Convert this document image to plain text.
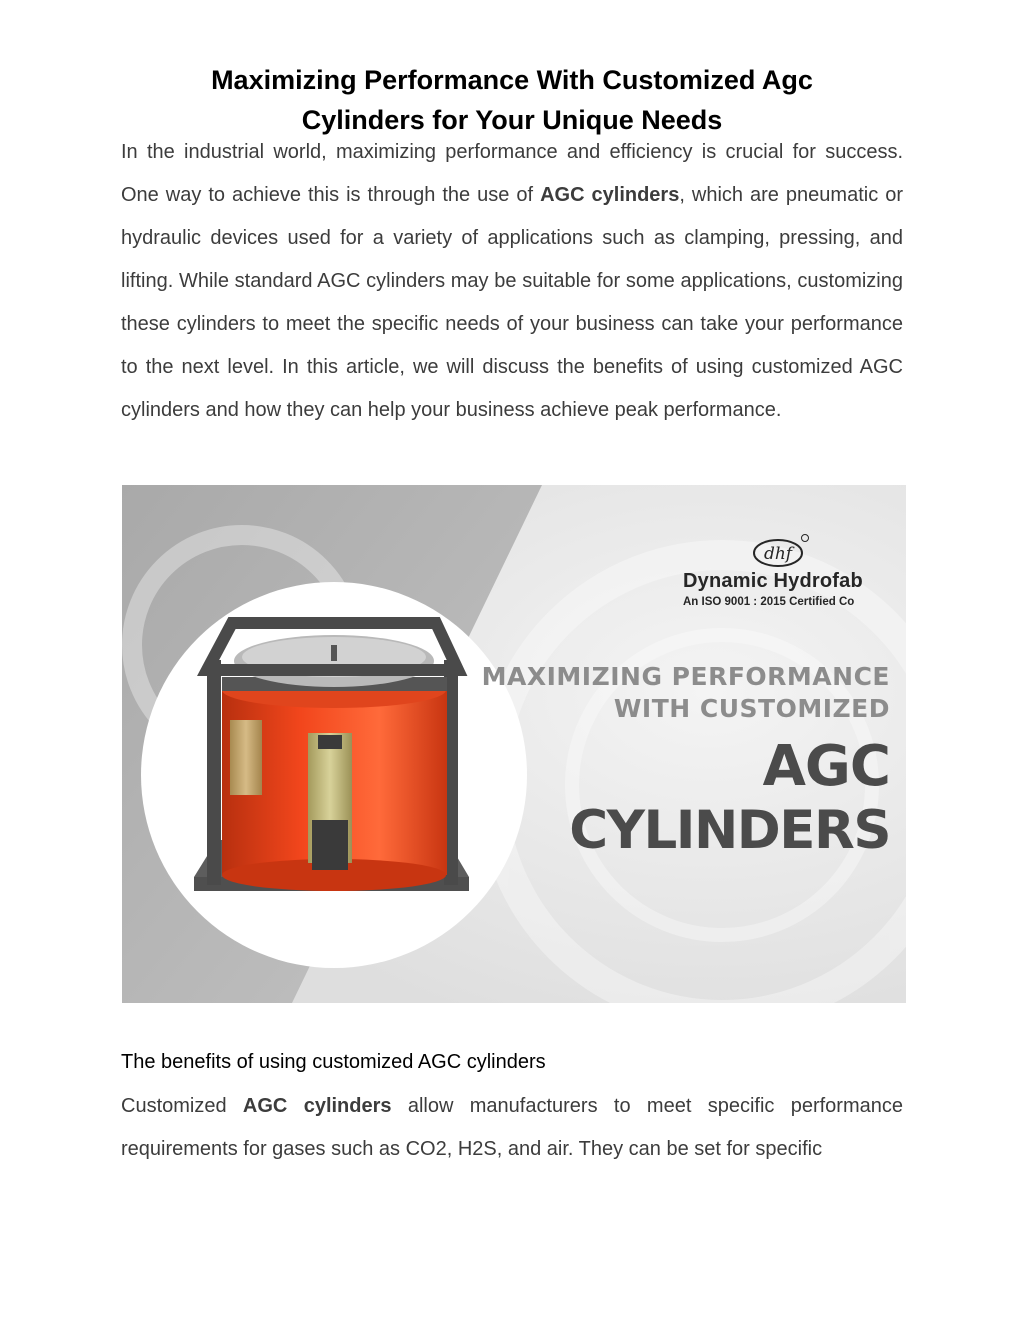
Maximizing Performance With Customized Agc
Cylinders for Your Unique Needs

In the industrial world, maximizing performance and efficiency is crucial for success. One way to achieve this is through the use of AGC cylinders, which are pneumatic or hydraulic devices used for a variety of applications such as clamping, pressing, and lifting. While standard AGC cylinders may be suitable for some applications, customizing these cylinders to meet the specific needs of your business can take your performance to the next level. In this article, we will discuss the benefits of using customized AGC cylinders and how they can help your business achieve peak performance.

dhf
Dynamic Hydrofab
An ISO 9001 : 2015 Certified Co
MAXIMIZING PERFORMANCE
WITH CUSTOMIZED
AGC
CYLINDERS
The benefits of using customized AGC cylinders

Customized AGC cylinders allow manufacturers to meet specific performance requirements for gases such as CO2, H2S, and air. They can be set for specific
